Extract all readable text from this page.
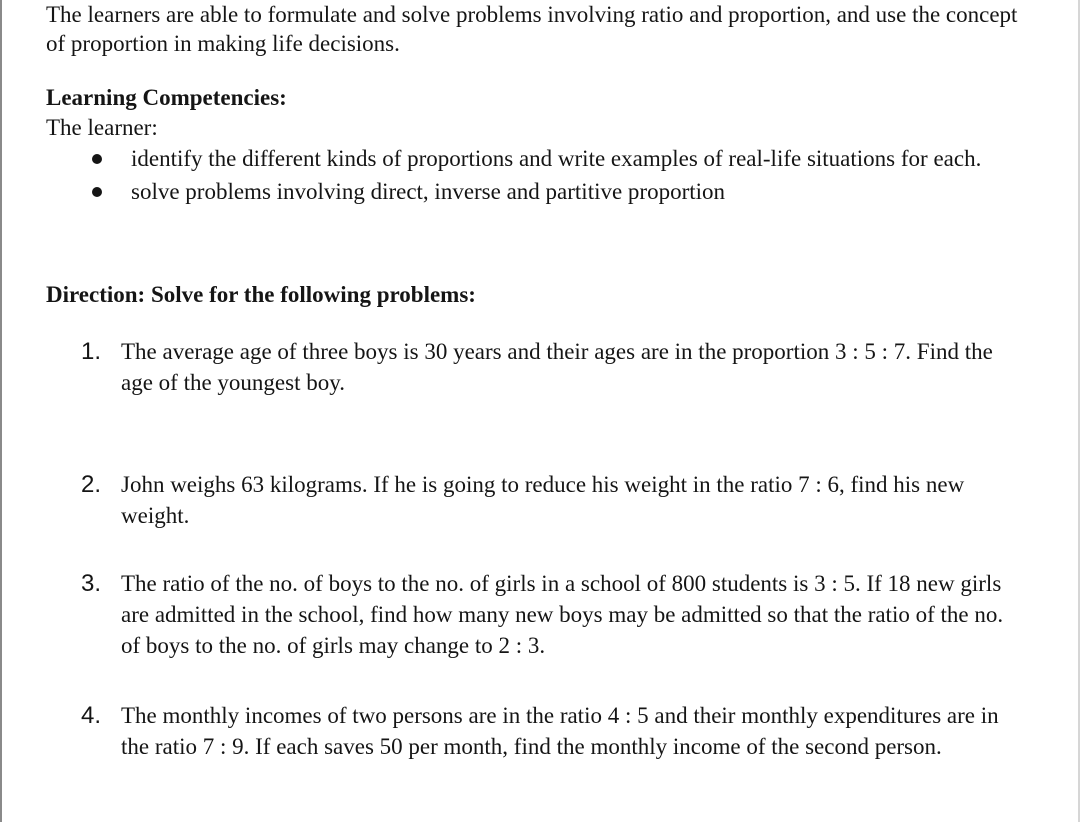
The learners are able to formulate and solve problems involving ratio and proportion, and use the concept of proportion in making life decisions.

Learning Competencies:

The learner:

identify the different kinds of proportions and write examples of real-life situations for each.
solve problems involving direct, inverse and partitive proportion
Direction: Solve for the following problems:
1. The average age of three boys is 30 years and their ages are in the proportion 3 : 5 : 7. Find the age of the youngest boy.
2. John weighs 63 kilograms. If he is going to reduce his weight in the ratio 7 : 6, find his new weight.
3. The ratio of the no. of boys to the no. of girls in a school of 800 students is 3 : 5. If 18 new girls are admitted in the school, find how many new boys may be admitted so that the ratio of the no. of boys to the no. of girls may change to 2 : 3.
4. The monthly incomes of two persons are in the ratio 4 : 5 and their monthly expenditures are in the ratio 7 : 9. If each saves 50 per month, find the monthly income of the second person.
